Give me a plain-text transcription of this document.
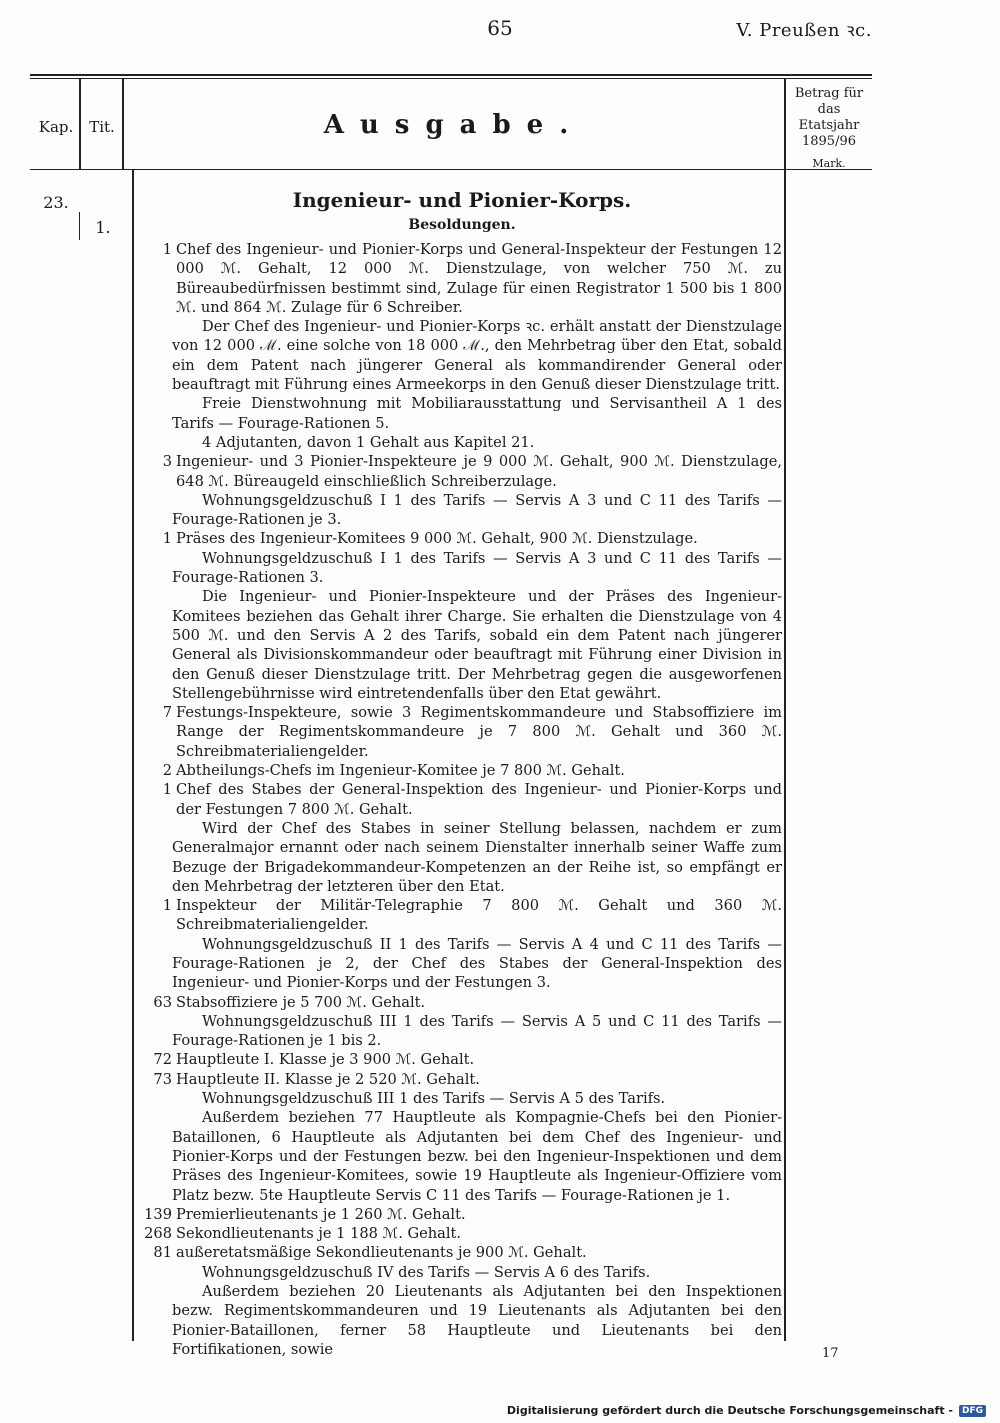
65	V. Preußen ꝛc.
Kap.	Tit.	Ausgabe.
Betrag für das Etatsjahr 1895/96
Mark.
23.
1.
Ingenieur- und Pionier-Korps.
Besoldungen.
1 Chef des Ingenieur- und Pionier-Korps und General-Inspekteur der Festungen 12 000 ℳ. Gehalt, 12 000 ℳ. Dienstzulage, von welcher 750 ℳ. zu Büreaubedürfnissen bestimmt sind, Zulage für einen Registrator 1 500 bis 1 800 ℳ. und 864 ℳ. Zulage für 6 Schreiber.
Der Chef des Ingenieur- und Pionier-Korps ꝛc. erhält anstatt der Dienstzulage von 12 000 ℳ. eine solche von 18 000 ℳ., den Mehrbetrag über den Etat, sobald ein dem Patent nach jüngerer General als kommandirender General oder beauftragt mit Führung eines Armeekorps in den Genuß dieser Dienstzulage tritt.
Freie Dienstwohnung mit Mobiliarausstattung und Servisantheil A 1 des Tarifs — Fourage-Rationen 5.
4 Adjutanten, davon 1 Gehalt aus Kapitel 21.
3 Ingenieur- und 3 Pionier-Inspekteure je 9 000 ℳ. Gehalt, 900 ℳ. Dienstzulage, 648 ℳ. Büreaugeld einschließlich Schreiberzulage.
Wohnungsgeldzuschuß I 1 des Tarifs — Servis A 3 und C 11 des Tarifs — Fourage-Rationen je 3.
1 Präses des Ingenieur-Komitees 9 000 ℳ. Gehalt, 900 ℳ. Dienstzulage.
Wohnungsgeldzuschuß I 1 des Tarifs — Servis A 3 und C 11 des Tarifs — Fourage-Rationen 3.
Die Ingenieur- und Pionier-Inspekteure und der Präses des Ingenieur-Komitees beziehen das Gehalt ihrer Charge. Sie erhalten die Dienstzulage von 4 500 ℳ. und den Servis A 2 des Tarifs, sobald ein dem Patent nach jüngerer General als Divisionskommandeur oder beauftragt mit Führung einer Division in den Genuß dieser Dienstzulage tritt. Der Mehrbetrag gegen die ausgeworfenen Stellengebührnisse wird eintretendenfalls über den Etat gewährt.
7 Festungs-Inspekteure, sowie 3 Regimentskommandeure und Stabsoffiziere im Range der Regimentskommandeure je 7 800 ℳ. Gehalt und 360 ℳ. Schreibmaterialiengelder.
2 Abtheilungs-Chefs im Ingenieur-Komitee je 7 800 ℳ. Gehalt.
1 Chef des Stabes der General-Inspektion des Ingenieur- und Pionier-Korps und der Festungen 7 800 ℳ. Gehalt.
Wird der Chef des Stabes in seiner Stellung belassen, nachdem er zum Generalmajor ernannt oder nach seinem Dienstalter innerhalb seiner Waffe zum Bezuge der Brigadekommandeur-Kompetenzen an der Reihe ist, so empfängt er den Mehrbetrag der letzteren über den Etat.
1 Inspekteur der Militär-Telegraphie 7 800 ℳ. Gehalt und 360 ℳ. Schreibmaterialiengelder.
Wohnungsgeldzuschuß II 1 des Tarifs — Servis A 4 und C 11 des Tarifs — Fourage-Rationen je 2, der Chef des Stabes der General-Inspektion des Ingenieur- und Pionier-Korps und der Festungen 3.
63 Stabsoffiziere je 5 700 ℳ. Gehalt.
Wohnungsgeldzuschuß III 1 des Tarifs — Servis A 5 und C 11 des Tarifs — Fourage-Rationen je 1 bis 2.
72 Hauptleute I. Klasse je 3 900 ℳ. Gehalt.
73 Hauptleute II. Klasse je 2 520 ℳ. Gehalt.
Wohnungsgeldzuschuß III 1 des Tarifs — Servis A 5 des Tarifs.
Außerdem beziehen 77 Hauptleute als Kompagnie-Chefs bei den Pionier-Bataillonen, 6 Hauptleute als Adjutanten bei dem Chef des Ingenieur- und Pionier-Korps und der Festungen bezw. bei den Ingenieur-Inspektionen und dem Präses des Ingenieur-Komitees, sowie 19 Hauptleute als Ingenieur-Offiziere vom Platz bezw. 5te Hauptleute Servis C 11 des Tarifs — Fourage-Rationen je 1.
139 Premierlieutenants je 1 260 ℳ. Gehalt.
268 Sekondlieutenants je 1 188 ℳ. Gehalt.
81 außeretatsmäßige Sekondlieutenants je 900 ℳ. Gehalt.
Wohnungsgeldzuschuß IV des Tarifs — Servis A 6 des Tarifs.
Außerdem beziehen 20 Lieutenants als Adjutanten bei den Inspektionen bezw. Regimentskommandeuren und 19 Lieutenants als Adjutanten bei den Pionier-Bataillonen, ferner 58 Hauptleute und Lieutenants bei den Fortifikationen, sowie	17
Digitalisierung gefördert durch die Deutsche Forschungsgemeinschaft -	DFG
